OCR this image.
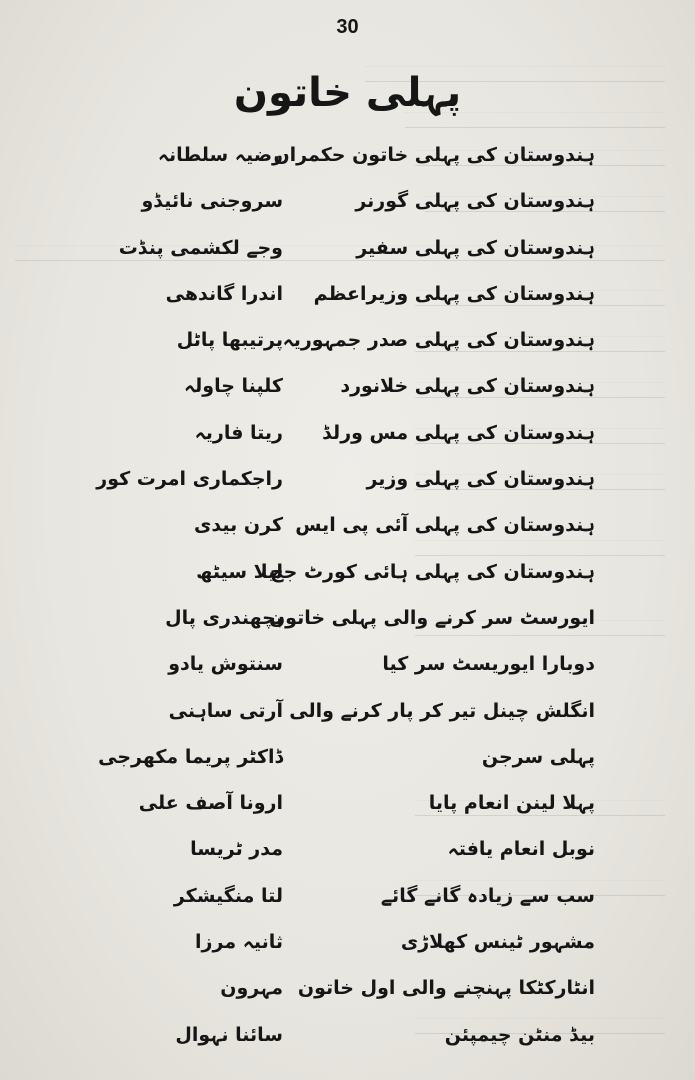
30
پہلی خاتون
ہندوستان کی پہلی خاتون حکمراں
رضیہ سلطانہ
ہندوستان کی پہلی گورنر
سروجنی نائیڈو
ہندوستان کی پہلی سفیر
وجے لکشمی پنڈت
ہندوستان کی پہلی وزیراعظم
اندرا گاندھی
ہندوستان کی پہلی صدر جمہوریہ
پرتیبھا پاٹل
ہندوستان کی پہلی خلانورد
کلپنا چاولہ
ہندوستان کی پہلی مس ورلڈ
ریتا فاریہ
ہندوستان کی پہلی وزیر
راجکماری امرت کور
ہندوستان کی پہلی آئی پی ایس
کرن بیدی
ہندوستان کی پہلی ہائی کورٹ جج
لیلا سیٹھ
ایورسٹ سر کرنے والی پہلی خاتون
بچھندری پال
دوبارا ایوریسٹ سر کیا
سنتوش یادو
انگلش چینل تیر کر پار کرنے والی
آرتی ساہنی
پہلی سرجن
ڈاکٹر پریما مکھرجی
پہلا لینن انعام پایا
ارونا آصف علی
نوبل انعام یافتہ
مدر ٹریسا
سب سے زیادہ گانے گائے
لتا منگیشکر
مشہور ٹینس کھلاڑی
ثانیہ مرزا
انٹارکٹکا پہنچنے والی اول خاتون
مہرون
بیڈ منٹن چیمپئن
سائنا نہوال
